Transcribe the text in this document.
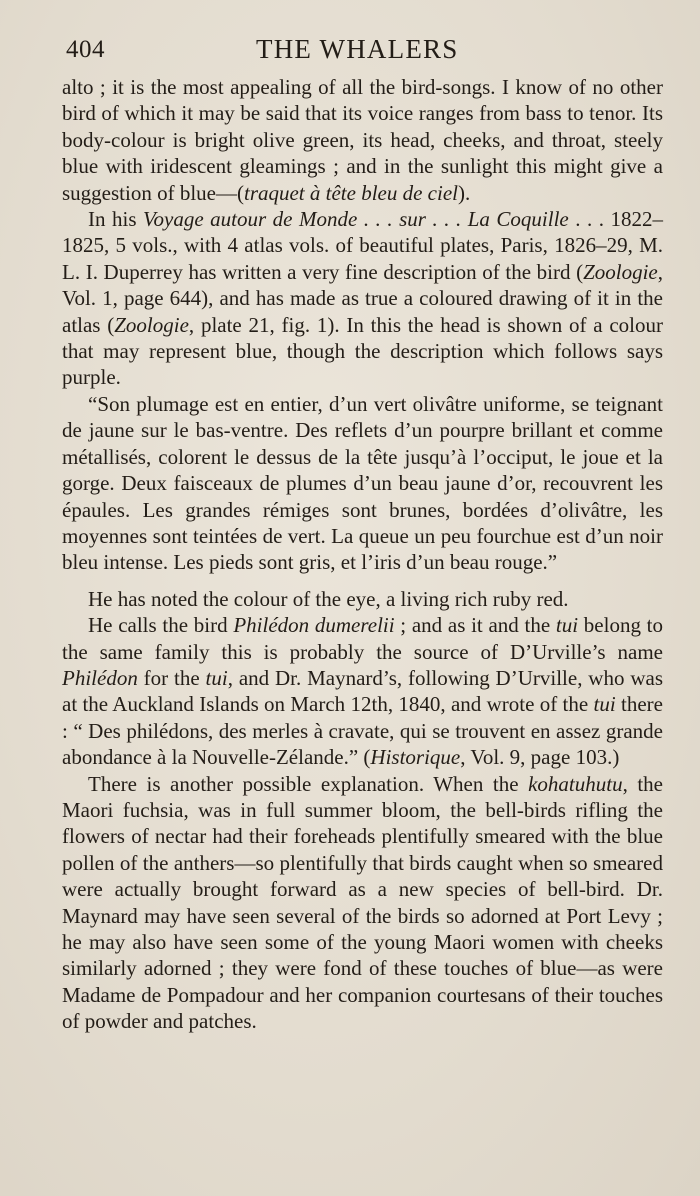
404	THE WHALERS

alto ; it is the most appealing of all the bird-songs. I know of no other bird of which it may be said that its voice ranges from bass to tenor. Its body-colour is bright olive green, its head, cheeks, and throat, steely blue with iridescent gleamings ; and in the sunlight this might give a suggestion of blue—(traquet à tête bleu de ciel).

In his Voyage autour de Monde . . . sur . . . La Coquille . . . 1822–1825, 5 vols., with 4 atlas vols. of beautiful plates, Paris, 1826–29, M. L. I. Duperrey has written a very fine description of the bird (Zoologie, Vol. 1, page 644), and has made as true a coloured drawing of it in the atlas (Zoologie, plate 21, fig. 1). In this the head is shown of a colour that may represent blue, though the description which follows says purple.

“Son plumage est en entier, d’un vert olivâtre uniforme, se teignant de jaune sur le bas-ventre. Des reflets d’un pourpre brillant et comme métallisés, colorent le dessus de la tête jusqu’à l’occiput, le joue et la gorge. Deux faisceaux de plumes d’un beau jaune d’or, recouvrent les épaules. Les grandes rémiges sont brunes, bordées d’olivâtre, les moyennes sont teintées de vert. La queue un peu fourchue est d’un noir bleu intense. Les pieds sont gris, et l’iris d’un beau rouge.”

He has noted the colour of the eye, a living rich ruby red.

He calls the bird Philédon dumerelii ; and as it and the tui belong to the same family this is probably the source of D’Urville’s name Philédon for the tui, and Dr. Maynard’s, following D’Urville, who was at the Auckland Islands on March 12th, 1840, and wrote of the tui there : “ Des philédons, des merles à cravate, qui se trouvent en assez grande abondance à la Nouvelle-Zélande.” (Historique, Vol. 9, page 103.)

There is another possible explanation. When the kohatuhutu, the Maori fuchsia, was in full summer bloom, the bell-birds rifling the flowers of nectar had their foreheads plentifully smeared with the blue pollen of the anthers—so plentifully that birds caught when so smeared were actually brought forward as a new species of bell-bird. Dr. Maynard may have seen several of the birds so adorned at Port Levy ; he may also have seen some of the young Maori women with cheeks similarly adorned ; they were fond of these touches of blue—as were Madame de Pompadour and her companion courtesans of their touches of powder and patches.
